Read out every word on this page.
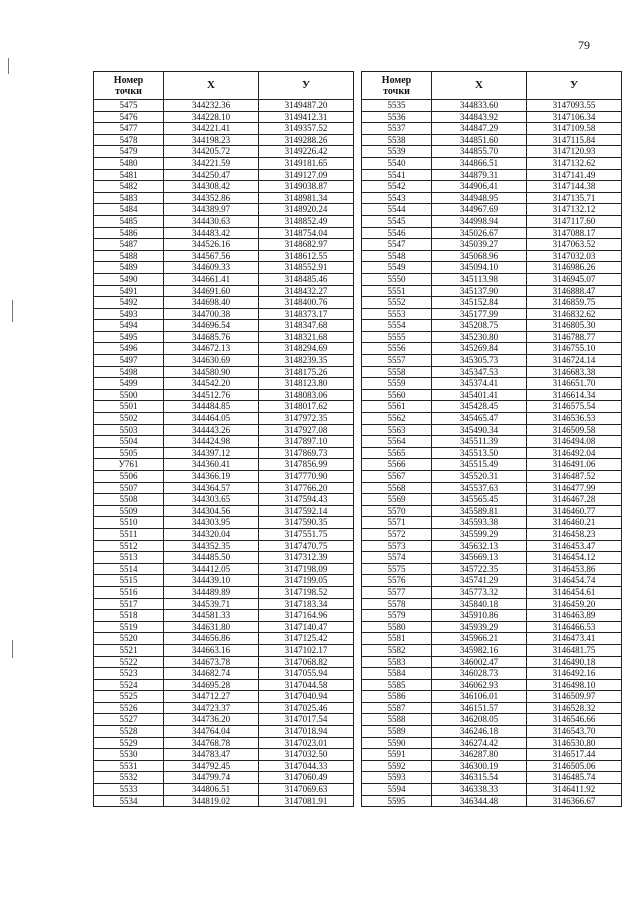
79
Номер
точки	X	У
5475	344232.36	3149487.20
5476	344228.10	3149412.31
5477	344221.41	3149357.52
5478	344198.23	3149288.26
5479	344205.72	3149226.42
5480	344221.59	3149181.65
5481	344250.47	3149127.09
5482	344308.42	3149038.87
5483	344352.86	3148981.34
5484	344389.97	3148920.24
5485	344430.63	3148852.49
5486	344483.42	3148754.04
5487	344526.16	3148682.97
5488	344567.56	3148612.55
5489	344609.33	3148552.91
5490	344661.41	3148485.46
5491	344691.60	3148432.27
5492	344698.40	3148400.76
5493	344700.38	3148373.17
5494	344696.54	3148347.68
5495	344685.76	3148321.68
5496	344672.13	3148294.69
5497	344630.69	3148239.35
5498	344580.90	3148175.26
5499	344542.20	3148123.80
5500	344512.76	3148083.06
5501	344484.85	3148017.62
5502	344464.05	3147972.35
5503	344443.26	3147927.08
5504	344424.98	3147897.10
5505	344397.12	3147869.73
У761	344360.41	3147856.99
5506	344366.19	3147770.90
5507	344364.57	3147766.20
5508	344303.65	3147594.43
5509	344304.56	3147592.14
5510	344303.95	3147590.35
5511	344320.04	3147551.75
5512	344352.35	3147470.75
5513	344485.50	3147312.39
5514	344412.05	3147198.09
5515	344439.10	3147199.05
5516	344489.89	3147198.52
5517	344539.71	3147183.34
5518	344581.33	3147164.96
5519	344631.80	3147140.47
5520	344656.86	3147125.42
5521	344663.16	3147102.17
5522	344673.78	3147068.82
5523	344682.74	3147055.94
5524	344695.28	3147044.58
5525	344712.27	3147040.94
5526	344723.37	3147025.46
5527	344736.20	3147017.54
5528	344764.04	3147018.94
5529	344768.78	3147023.01
5530	344783.47	3147032.50
5531	344792.45	3147044.33
5532	344799.74	3147060.49
5533	344806.51	3147069.63
5534	344819.02	3147081.91
Номер
точки	X	У
5535	344833.60	3147093.55
5536	344843.92	3147106.34
5537	344847.29	3147109.58
5538	344851.60	3147115.84
5539	344855.70	3147120.93
5540	344866.51	3147132.62
5541	344879.31	3147141.49
5542	344906.41	3147144.38
5543	344948.95	3147135.71
5544	344967.69	3147132.12
5545	344998.94	3147117.60
5546	345026.67	3147088.17
5547	345039.27	3147063.52
5548	345068.96	3147032.03
5549	345094.10	3146986.26
5550	345113.98	3146945.07
5551	345137.90	3146888.47
5552	345152.84	3146859.75
5553	345177.99	3146832.62
5554	345208.75	3146805.30
5555	345230.80	3146788.77
5556	345269.84	3146755.10
5557	345305.73	3146724.14
5558	345347.53	3146683.38
5559	345374.41	3146651.70
5560	345401.41	3146614.34
5561	345428.45	3146575.54
5562	345465.47	3146536.53
5563	345490.34	3146509.58
5564	345511.39	3146494.08
5565	345513.50	3146492.04
5566	345515.49	3146491.06
5567	345520.31	3146487.52
5568	345537.63	3146477.99
5569	345565.45	3146467.28
5570	345589.81	3146460.77
5571	345593.38	3146460.21
5572	345599.29	3146458.23
5573	345632.13	3146453.47
5574	345669.13	3146454.12
5575	345722.35	3146453.86
5576	345741.29	3146454.74
5577	345773.32	3146454.61
5578	345840.18	3146459.20
5579	345910.86	3146463.89
5580	345939.29	3146466.53
5581	345966.21	3146473.41
5582	345982.16	3146481.75
5583	346002.47	3146490.18
5584	346028.73	3146492.16
5585	346062.93	3146498.10
5586	346106.01	3146509.97
5587	346151.57	3146528.32
5588	346208.05	3146546.66
5589	346246.18	3146543.70
5590	346274.42	3146530.80
5591	346287.80	3146517.44
5592	346300.19	3146505.06
5593	346315.54	3146485.74
5594	346338.33	3146411.92
5595	346344.48	3146366.67
